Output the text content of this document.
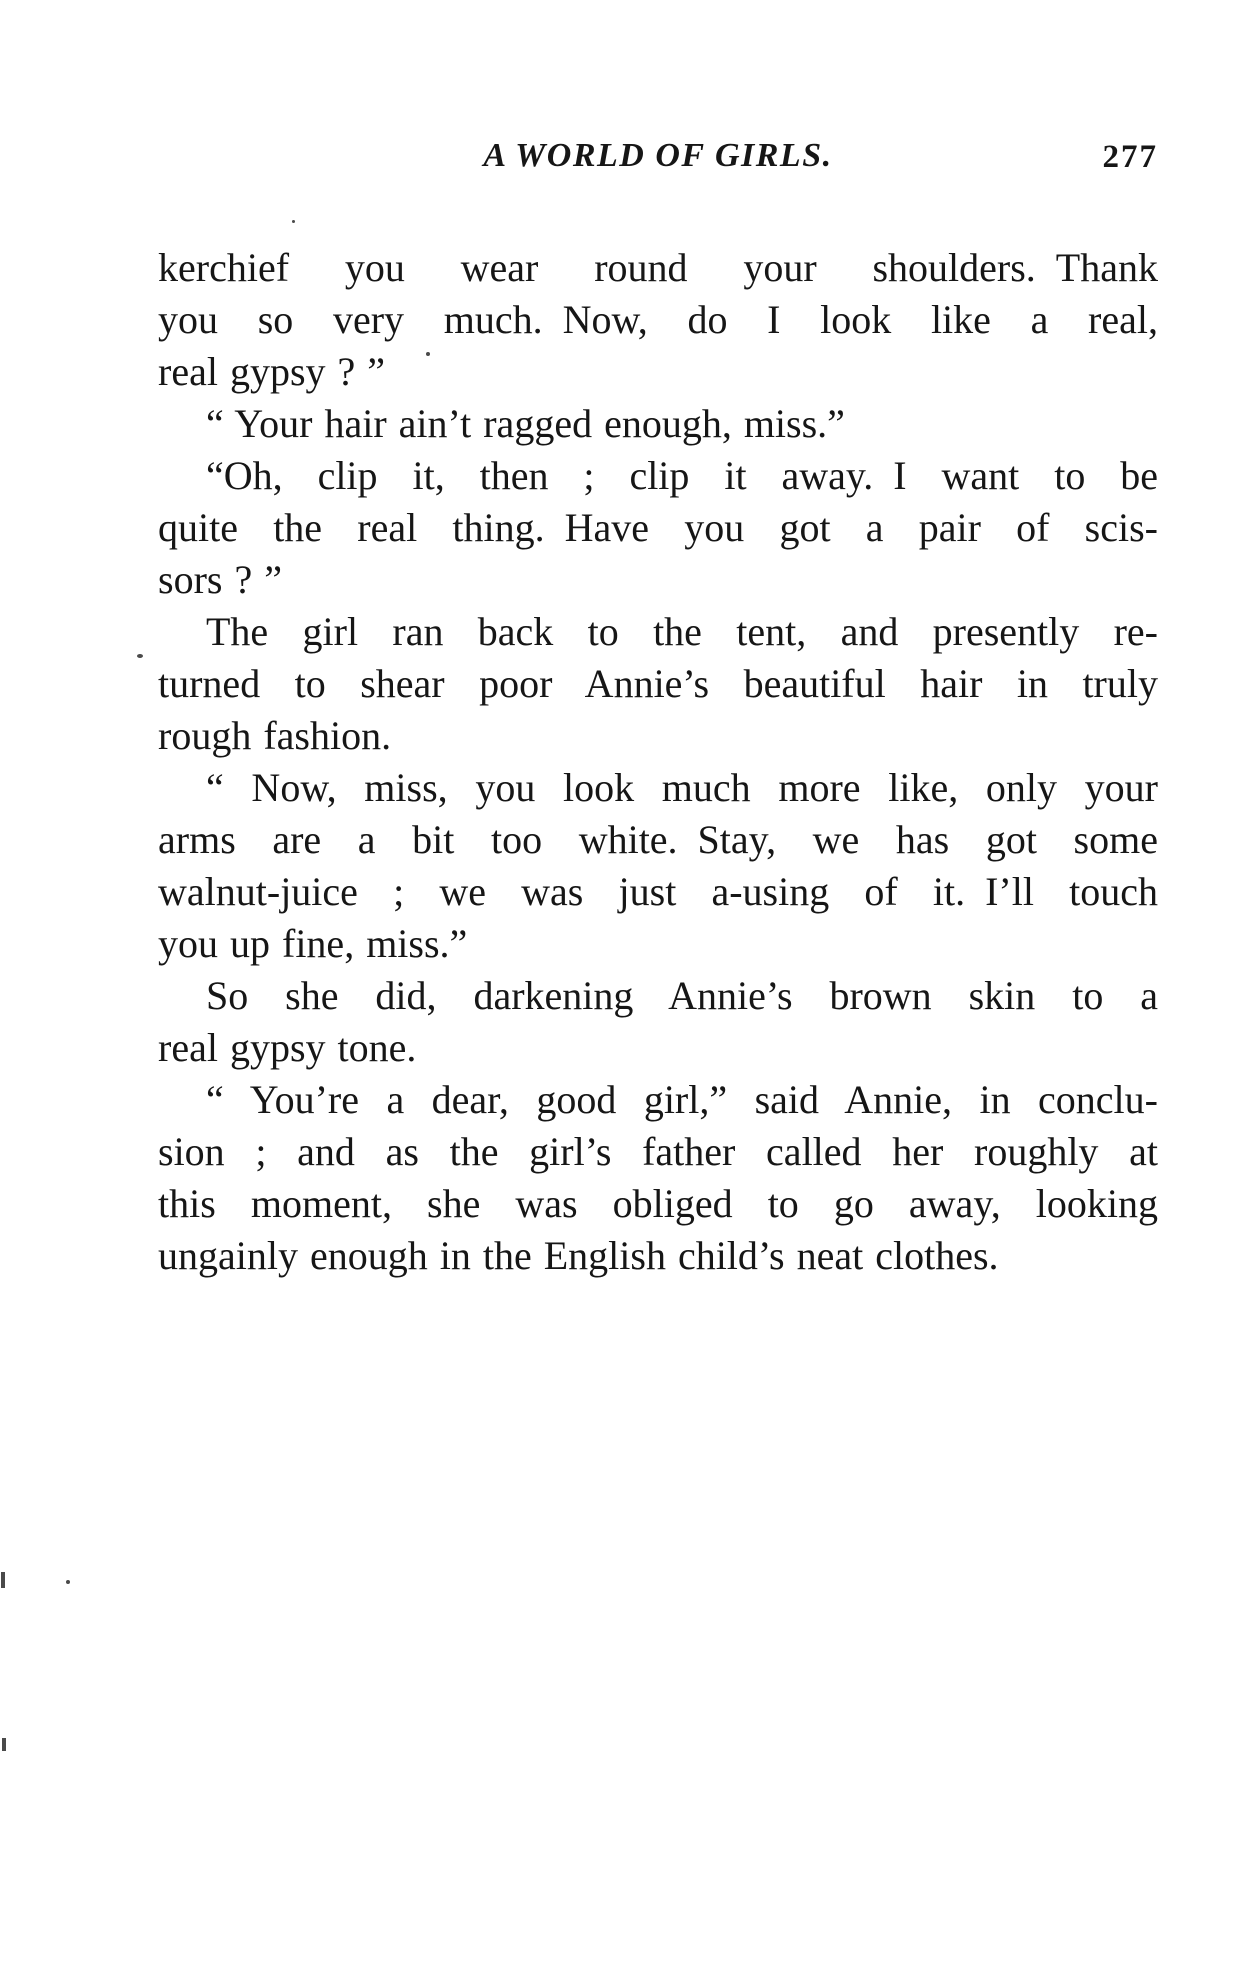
A WORLD OF GIRLS.	277
kerchief you wear round your shoulders. Thank
you so very much. Now, do I look like a real,
real gypsy ? ”
“ Your hair ain’t ragged enough, miss.”
“Oh, clip it, then ; clip it away. I want to be
quite the real thing. Have you got a pair of scis-
sors ? ”
The girl ran back to the tent, and presently re-
turned to shear poor Annie’s beautiful hair in truly
rough fashion.
“ Now, miss, you look much more like, only your
arms are a bit too white. Stay, we has got some
walnut-juice ; we was just a-using of it. I’ll touch
you up fine, miss.”
So she did, darkening Annie’s brown skin to a
real gypsy tone.
“ You’re a dear, good girl,” said Annie, in conclu-
sion ; and as the girl’s father called her roughly at
this moment, she was obliged to go away, looking
ungainly enough in the English child’s neat clothes.
